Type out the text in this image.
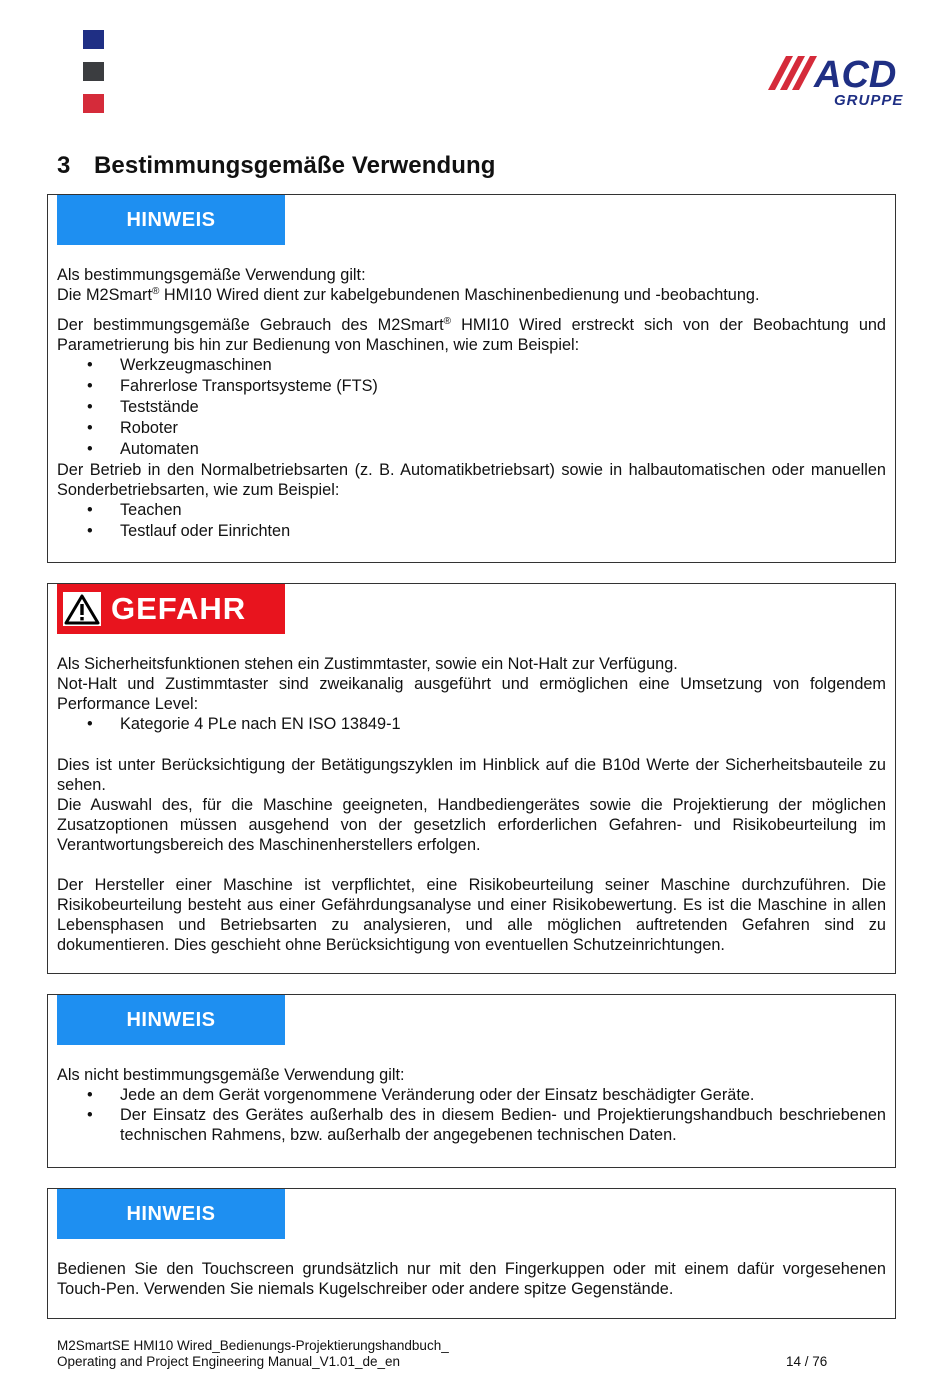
ACD
GRUPPE
3 Bestimmungsgemäße Verwendung
HINWEIS

Als bestimmungsgemäße Verwendung gilt:

Die M2Smart® HMI10 Wired dient zur kabelgebundenen Maschinenbedienung und -beobachtung.

Der bestimmungsgemäße Gebrauch des M2Smart® HMI10 Wired erstreckt sich von der Beobachtung und Parametrierung bis hin zur Bedienung von Maschinen, wie zum Beispiel:

• Werkzeugmaschinen
• Fahrerlose Transportsysteme (FTS)
• Teststände
• Roboter
• Automaten

Der Betrieb in den Normalbetriebsarten (z. B. Automatikbetriebsart) sowie in halbautomatischen oder manuellen Sonderbetriebsarten, wie zum Beispiel:

• Teachen
• Testlauf oder Einrichten
GEFAHR

Als Sicherheitsfunktionen stehen ein Zustimmtaster, sowie ein Not-Halt zur Verfügung.

Not-Halt und Zustimmtaster sind zweikanalig ausgeführt und ermöglichen eine Umsetzung von folgendem Performance Level:

• Kategorie 4 PLe nach EN ISO 13849-1

Dies ist unter Berücksichtigung der Betätigungszyklen im Hinblick auf die B10d Werte der Sicherheitsbauteile zu sehen.

Die Auswahl des, für die Maschine geeigneten, Handbediengerätes sowie die Projektierung der möglichen Zusatzoptionen müssen ausgehend von der gesetzlich erforderlichen Gefahren- und Risikobeurteilung im Verantwortungsbereich des Maschinenherstellers erfolgen.

Der Hersteller einer Maschine ist verpflichtet, eine Risikobeurteilung seiner Maschine durchzuführen. Die Risikobeurteilung besteht aus einer Gefährdungsanalyse und einer Risikobewertung. Es ist die Maschine in allen Lebensphasen und Betriebsarten zu analysieren, und alle möglichen auftretenden Gefahren sind zu dokumentieren. Dies geschieht ohne Berücksichtigung von eventuellen Schutzeinrichtungen.

HINWEIS

Als nicht bestimmungsgemäße Verwendung gilt:

• Jede an dem Gerät vorgenommene Veränderung oder der Einsatz beschädigter Geräte.
• Der Einsatz des Gerätes außerhalb des in diesem Bedien- und Projektierungshandbuch beschriebenen technischen Rahmens, bzw. außerhalb der angegebenen technischen Daten.
HINWEIS

Bedienen Sie den Touchscreen grundsätzlich nur mit den Fingerkuppen oder mit einem dafür vorgesehenen Touch-Pen. Verwenden Sie niemals Kugelschreiber oder andere spitze Gegenstände.

M2SmartSE HMI10 Wired_Bedienungs-Projektierungshandbuch_
Operating and Project Engineering Manual_V1.01_de_en	14 / 76
